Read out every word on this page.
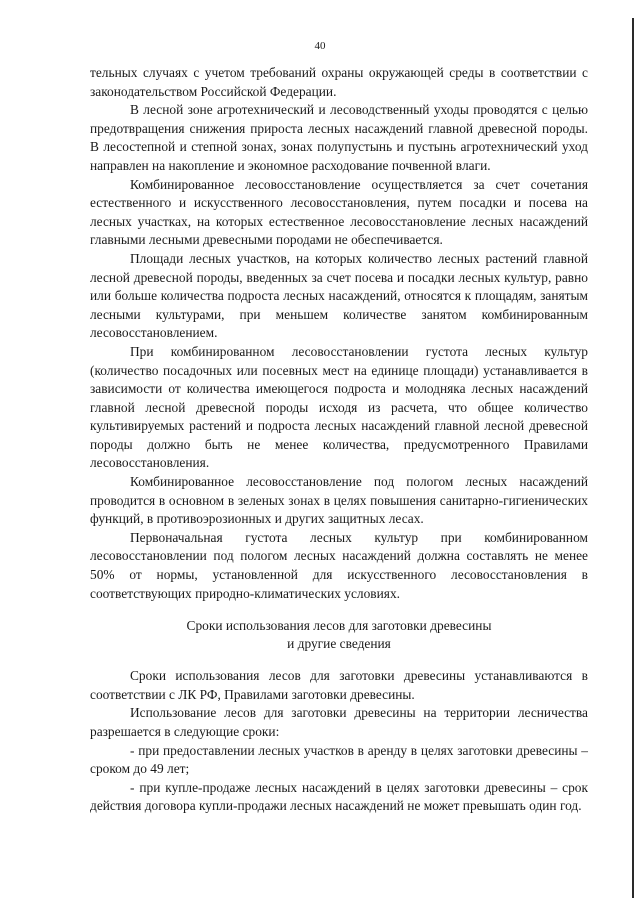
40

тельных случаях с учетом требований охраны окружающей среды в соответствии с законодательством Российской Федерации.

В лесной зоне агротехнический и лесоводственный уходы проводятся с целью предотвращения снижения прироста лесных насаждений главной древесной породы. В лесостепной и степной зонах, зонах полупустынь и пустынь агротехнический уход направлен на накопление и экономное расходование почвенной влаги.

Комбинированное лесовосстановление осуществляется за счет сочетания естественного и искусственного лесовосстановления, путем посадки и посева на лесных участках, на которых естественное лесовосстановление лесных насаждений главными лесными древесными породами не обеспечивается.

Площади лесных участков, на которых количество лесных растений главной лесной древесной породы, введенных за счет посева и посадки лесных культур, равно или больше количества подроста лесных насаждений, относятся к площадям, занятым лесными культурами, при меньшем количестве занятом комбинированным лесовосстановлением.

При комбинированном лесовосстановлении густота лесных культур (количество посадочных или посевных мест на единице площади) устанавливается в зависимости от количества имеющегося подроста и молодняка лесных насаждений главной лесной древесной породы исходя из расчета, что общее количество культивируемых растений и подроста лесных насаждений главной лесной древесной породы должно быть не менее количества, предусмотренного Правилами лесовосстановления.

Комбинированное лесовосстановление под пологом лесных насаждений проводится в основном в зеленых зонах в целях повышения санитарно-гигиенических функций, в противоэрозионных и других защитных лесах.

Первоначальная густота лесных культур при комбинированном лесовосстановлении под пологом лесных насаждений должна составлять не менее 50% от нормы, установленной для искусственного лесовосстановления в соответствующих природно-климатических условиях.

Сроки использования лесов для заготовки древесины
и другие сведения

Сроки использования лесов для заготовки древесины устанавливаются в соответствии с ЛК РФ, Правилами заготовки древесины.

Использование лесов для заготовки древесины на территории лесничества разрешается в следующие сроки:

- при предоставлении лесных участков в аренду в целях заготовки древесины – сроком до 49 лет;

- при купле-продаже лесных насаждений в целях заготовки древесины – срок действия договора купли-продажи лесных насаждений не может превышать один год.
